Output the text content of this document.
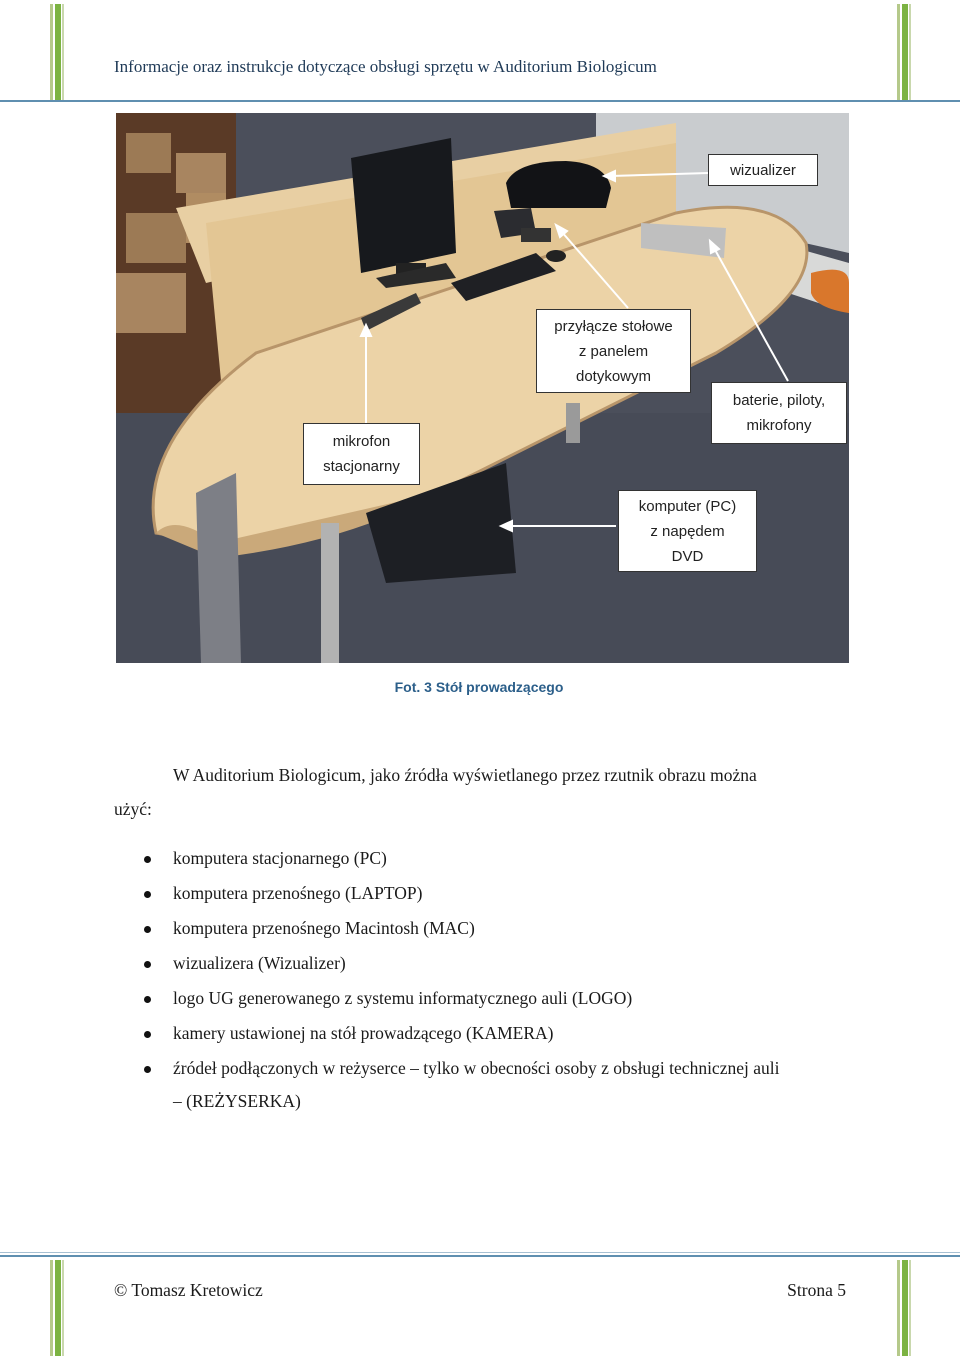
Informacje oraz instrukcje dotyczące obsługi sprzętu w Auditorium Biologicum
wizualizer
przyłącze stołowe
z panelem
dotykowym
baterie, piloty,
mikrofony
mikrofon
stacjonarny
komputer (PC)
z napędem
DVD
Fot. 3 Stół prowadzącego
W Auditorium Biologicum, jako źródła wyświetlanego przez rzutnik obrazu można
użyć:
komputera stacjonarnego (PC)
komputera przenośnego (LAPTOP)
komputera przenośnego Macintosh (MAC)
wizualizera (Wizualizer)
logo UG generowanego z systemu informatycznego auli (LOGO)
kamery ustawionej na stół prowadzącego (KAMERA)
źródeł podłączonych w reżyserce – tylko w obecności osoby z obsługi technicznej auli
– (REŻYSERKA)
© Tomasz Kretowicz	Strona 5
